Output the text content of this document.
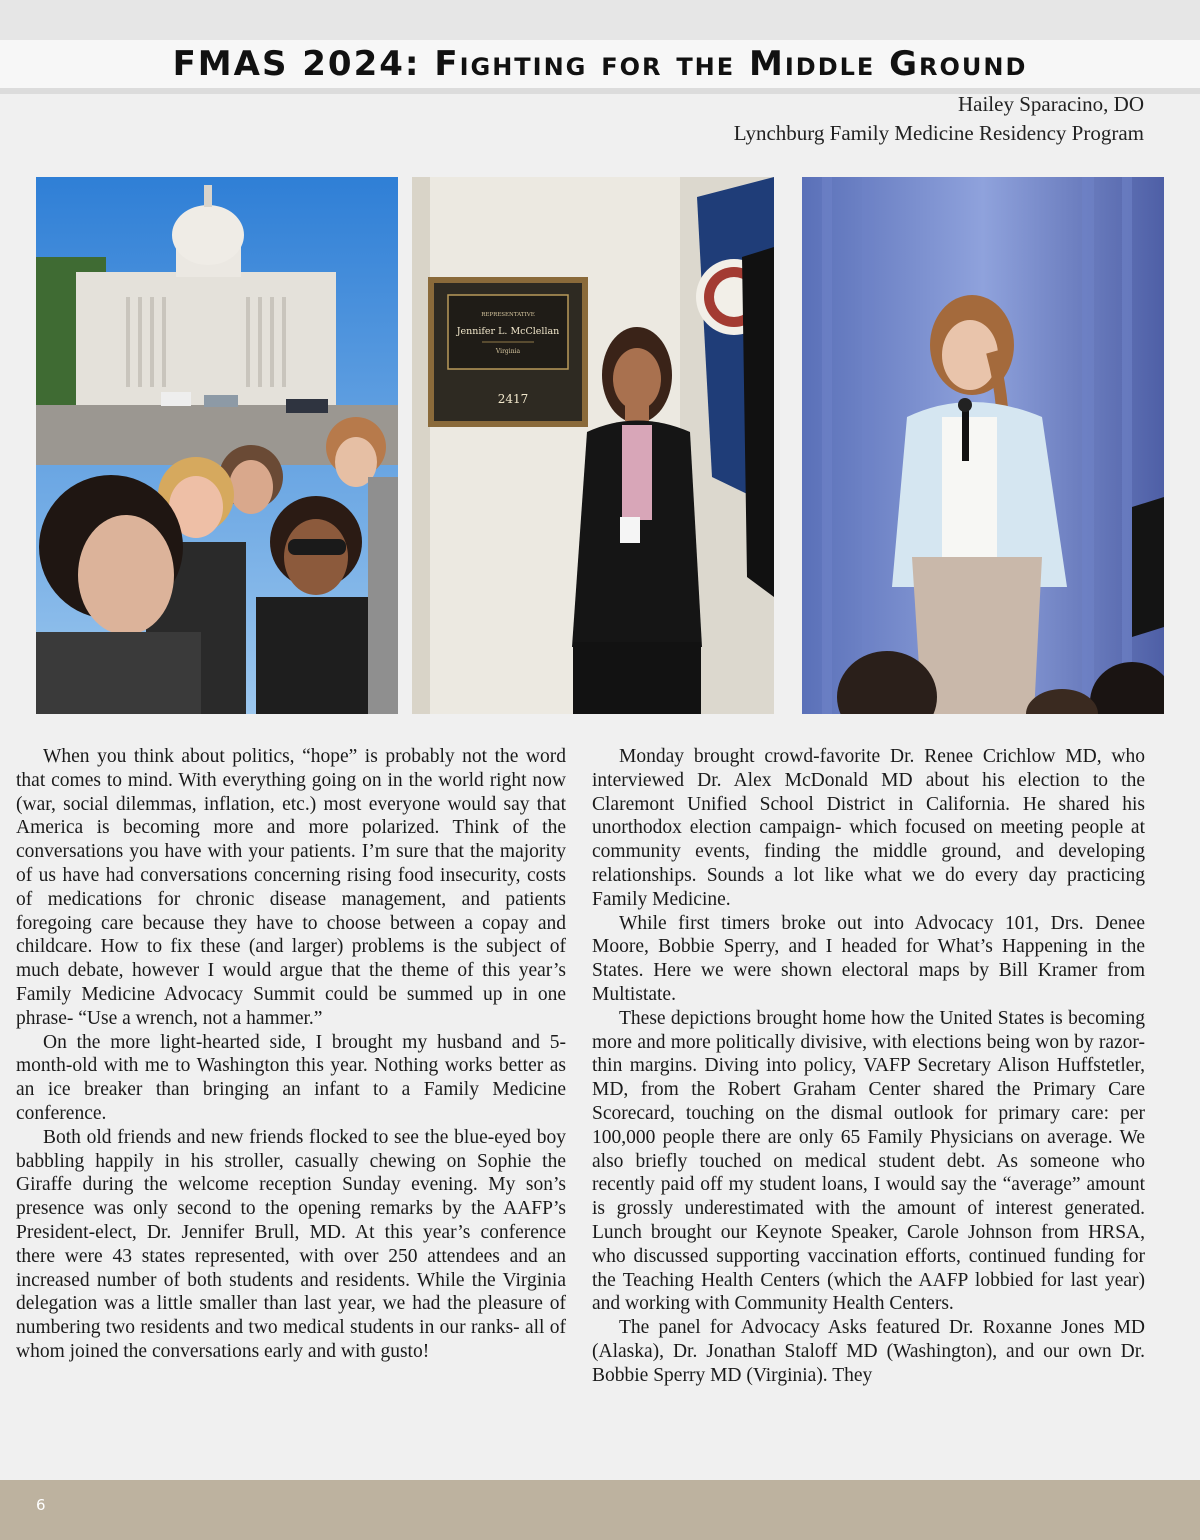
FMAS 2024: Fighting for the Middle Ground
Hailey Sparacino, DO
Lynchburg Family Medicine Residency Program
REPRESENTATIVE
Jennifer L. McClellan
Virginia
2417

When you think about politics, “hope” is probably not the word that comes to mind. With everything going on in the world right now (war, social dilemmas, inflation, etc.) most everyone would say that America is becoming more and more polarized. Think of the conversations you have with your patients. I’m sure that the majority of us have had conversations concerning rising food insecurity, costs of medications for chronic disease management, and patients foregoing care because they have to choose between a copay and childcare. How to fix these (and larger) problems is the subject of much debate, however I would argue that the theme of this year’s Family Medicine Advocacy Summit could be summed up in one phrase- “Use a wrench, not a hammer.”

On the more light-hearted side, I brought my husband and 5-month-old with me to Washington this year. Nothing works better as an ice breaker than bringing an infant to a Family Medicine conference.

Both old friends and new friends flocked to see the blue-eyed boy babbling happily in his stroller, casually chewing on Sophie the Giraffe during the welcome reception Sunday evening. My son’s presence was only second to the opening remarks by the AAFP’s President-elect, Dr. Jennifer Brull, MD. At this year’s conference there were 43 states represented, with over 250 attendees and an increased number of both students and residents. While the Virginia delegation was a little smaller than last year, we had the pleasure of numbering two residents and two medical students in our ranks- all of whom joined the conversations early and with gusto!

Monday brought crowd-favorite Dr. Renee Crichlow MD, who interviewed Dr. Alex McDonald MD about his election to the Claremont Unified School District in California. He shared his unorthodox election campaign- which focused on meeting people at community events, finding the middle ground, and developing relationships. Sounds a lot like what we do every day practicing Family Medicine.

While first timers broke out into Advocacy 101, Drs. Denee Moore, Bobbie Sperry, and I headed for What’s Happening in the States. Here we were shown electoral maps by Bill Kramer from Multistate.

These depictions brought home how the United States is becoming more and more politically divisive, with elections being won by razor-thin margins. Diving into policy, VAFP Secretary Alison Huffstetler, MD, from the Robert Graham Center shared the Primary Care Scorecard, touching on the dismal outlook for primary care: per 100,000 people there are only 65 Family Physicians on average. We also briefly touched on medical student debt. As someone who recently paid off my student loans, I would say the “average” amount is grossly underestimated with the amount of interest generated. Lunch brought our Keynote Speaker, Carole Johnson from HRSA, who discussed supporting vaccination efforts, continued funding for the Teaching Health Centers (which the AAFP lobbied for last year) and working with Community Health Centers.

The panel for Advocacy Asks featured Dr. Roxanne Jones MD (Alaska), Dr. Jonathan Staloff MD (Washington), and our own Dr. Bobbie Sperry MD (Virginia). They

6
